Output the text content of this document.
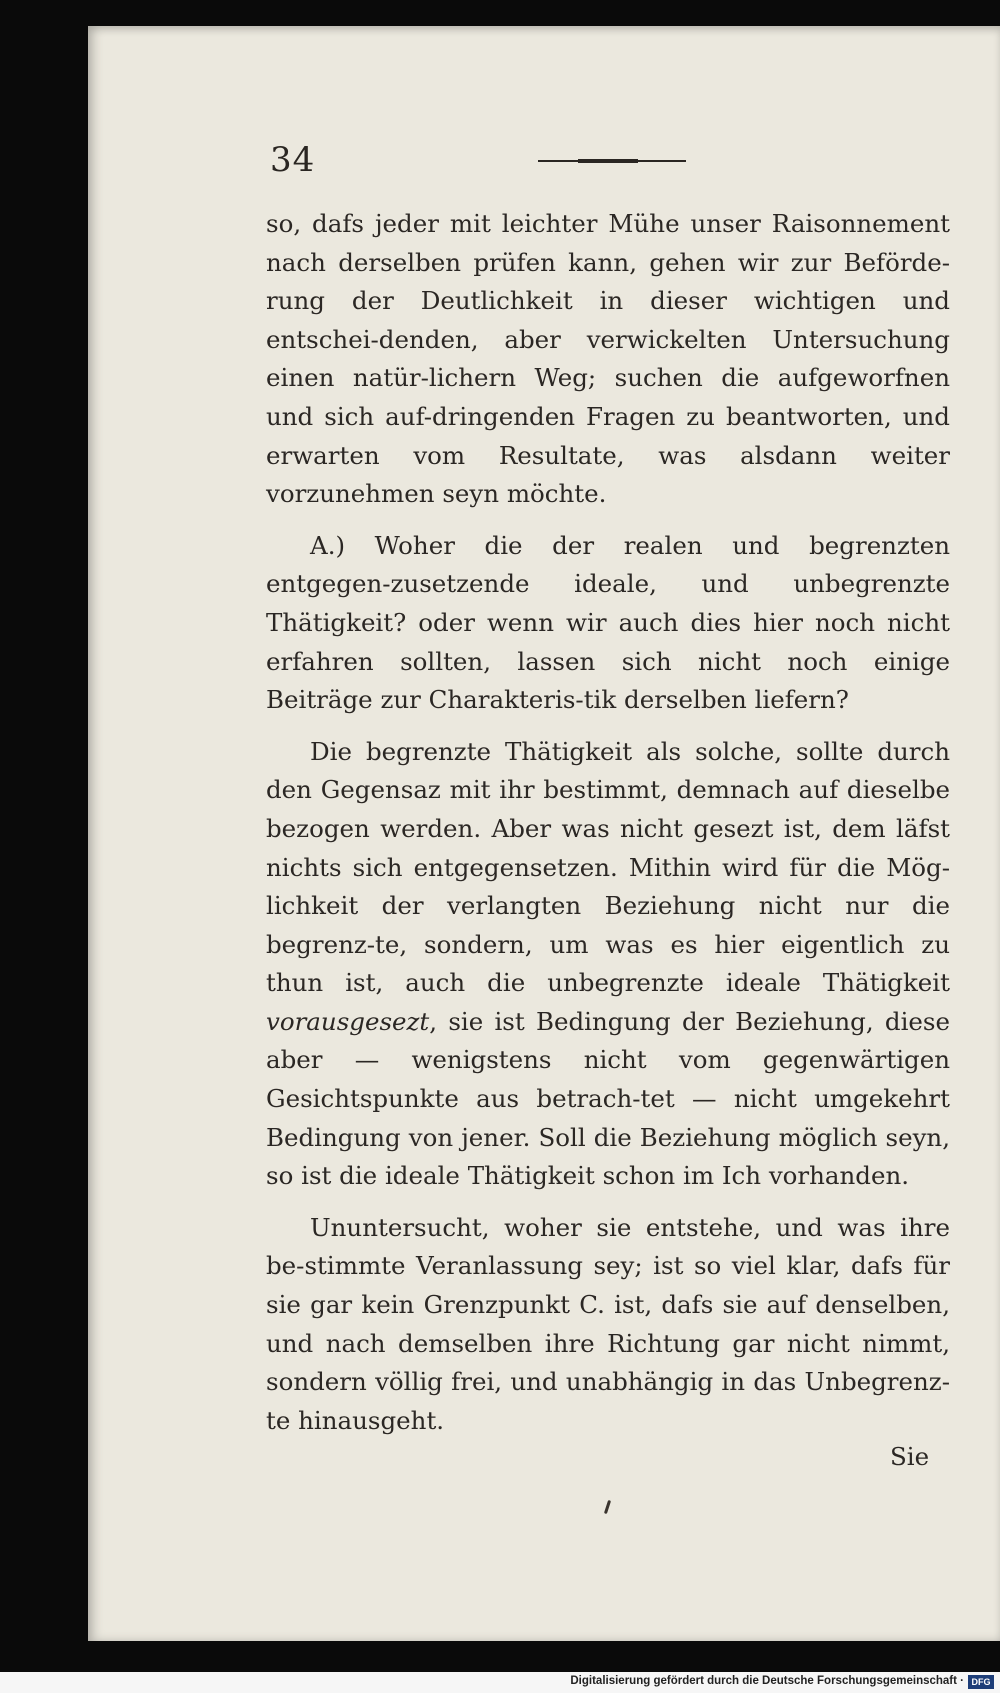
34

so, dafs jeder mit leichter Mühe unser Raisonnement nach derselben prüfen kann, gehen wir zur Beförde-rung der Deutlichkeit in dieser wichtigen und entschei-denden, aber verwickelten Untersuchung einen natür-lichern Weg; suchen die aufgeworfnen und sich auf-dringenden Fragen zu beantworten, und erwarten vom Resultate, was alsdann weiter vorzunehmen seyn möchte.

A.) Woher die der realen und begrenzten entgegen-zusetzende ideale, und unbegrenzte Thätigkeit? oder wenn wir auch dies hier noch nicht erfahren sollten, lassen sich nicht noch einige Beiträge zur Charakteris-tik derselben liefern?

Die begrenzte Thätigkeit als solche, sollte durch den Gegensaz mit ihr bestimmt, demnach auf dieselbe bezogen werden. Aber was nicht gesezt ist, dem läfst nichts sich entgegensetzen. Mithin wird für die Mög-lichkeit der verlangten Beziehung nicht nur die begrenz-te, sondern, um was es hier eigentlich zu thun ist, auch die unbegrenzte ideale Thätigkeit vorausgesezt, sie ist Bedingung der Beziehung, diese aber — wenigstens nicht vom gegenwärtigen Gesichtspunkte aus betrach-tet — nicht umgekehrt Bedingung von jener. Soll die Beziehung möglich seyn, so ist die ideale Thätigkeit schon im Ich vorhanden.

Ununtersucht, woher sie entstehe, und was ihre be-stimmte Veranlassung sey; ist so viel klar, dafs für sie gar kein Grenzpunkt C. ist, dafs sie auf denselben, und nach demselben ihre Richtung gar nicht nimmt, sondern völlig frei, und unabhängig in das Unbegrenz-te hinausgeht.

Sie
Digitalisierung gefördert durch die Deutsche Forschungsgemeinschaft · DFG
